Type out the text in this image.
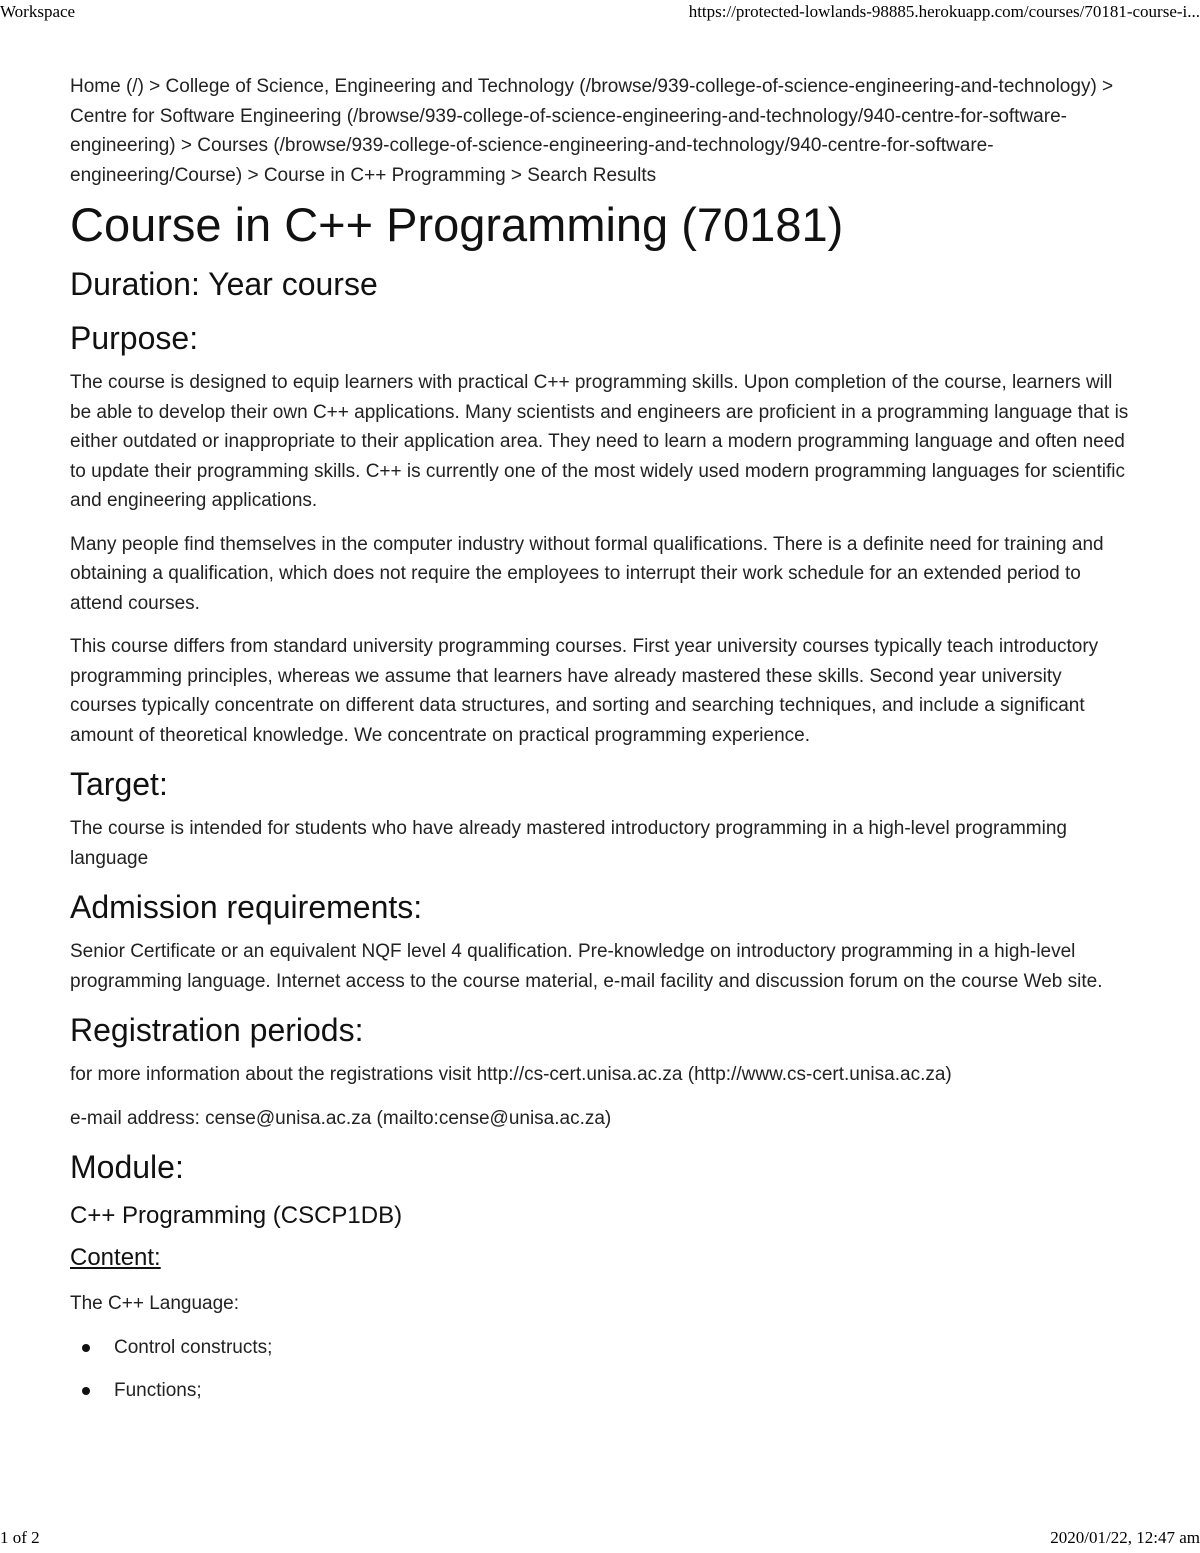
Workspace	https://protected-lowlands-98885.herokuapp.com/courses/70181-course-i...

Home (/) > College of Science, Engineering and Technology (/browse/939-college-of-science-engineering-and-technology) > Centre for Software Engineering (/browse/939-college-of-science-engineering-and-technology/940-centre-for-software-engineering) > Courses (/browse/939-college-of-science-engineering-and-technology/940-centre-for-software-engineering/Course) > Course in C++ Programming > Search Results

Course in C++ Programming (70181)
Duration: Year course
Purpose:

The course is designed to equip learners with practical C++ programming skills. Upon completion of the course, learners will be able to develop their own C++ applications. Many scientists and engineers are proficient in a programming language that is either outdated or inappropriate to their application area. They need to learn a modern programming language and often need to update their programming skills. C++ is currently one of the most widely used modern programming languages for scientific and engineering applications.

Many people find themselves in the computer industry without formal qualifications. There is a definite need for training and obtaining a qualification, which does not require the employees to interrupt their work schedule for an extended period to attend courses.

This course differs from standard university programming courses. First year university courses typically teach introductory programming principles, whereas we assume that learners have already mastered these skills. Second year university courses typically concentrate on different data structures, and sorting and searching techniques, and include a significant amount of theoretical knowledge. We concentrate on practical programming experience.

Target:

The course is intended for students who have already mastered introductory programming in a high-level programming language

Admission requirements:

Senior Certificate or an equivalent NQF level 4 qualification. Pre-knowledge on introductory programming in a high-level programming language. Internet access to the course material, e-mail facility and discussion forum on the course Web site.

Registration periods:

for more information about the registrations visit http://cs-cert.unisa.ac.za (http://www.cs-cert.unisa.ac.za)

e-mail address: cense@unisa.ac.za (mailto:cense@unisa.ac.za)

Module:
C++ Programming (CSCP1DB)
Content:

The C++ Language:

Control constructs;
Functions;
1 of 2	2020/01/22, 12:47 am
